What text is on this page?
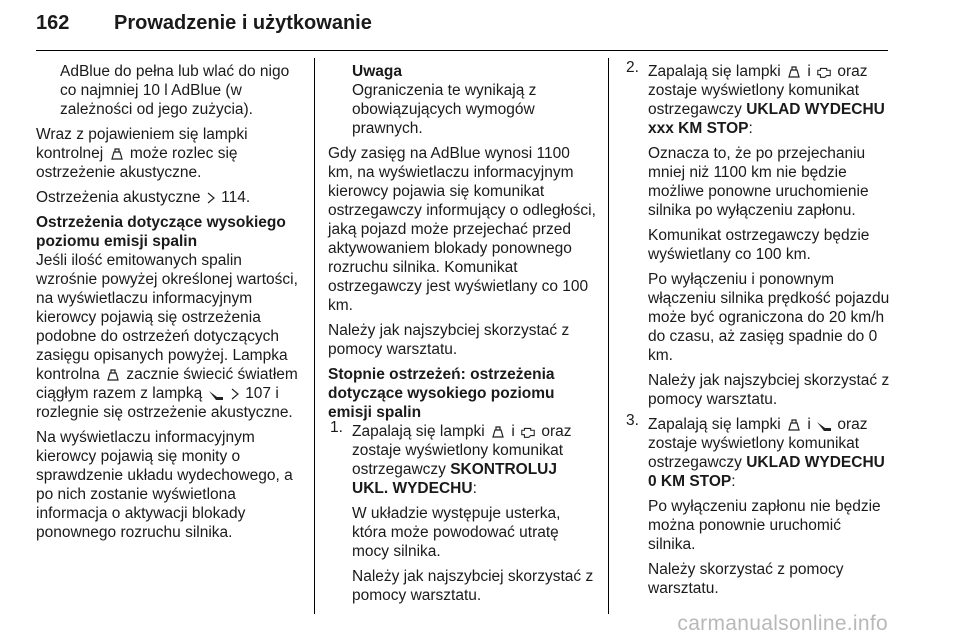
162 Prowadzenie i użytkowanie

AdBlue do pełna lub wlać do nigo co najmniej 10 l AdBlue (w zależności od jego zużycia).

Wraz z pojawieniem się lampki kontrolnej może rozlec się ostrzeżenie akustyczne.

Ostrzeżenia akustyczne 114.

Ostrzeżenia dotyczące wysokiego poziomu emisji spalin

Jeśli ilość emitowanych spalin wzrośnie powyżej określonej wartości, na wyświetlaczu informacyjnym kierowcy pojawią się ostrzeżenia podobne do ostrzeżeń dotyczących zasięgu opisanych powyżej. Lampka kontrolna zacznie świecić światłem ciągłym razem z lampką	107 i rozlegnie się ostrzeżenie akustyczne.

Na wyświetlaczu informacyjnym kierowcy pojawią się monity o sprawdzenie układu wydechowego, a po nich zostanie wyświetlona informacja o aktywacji blokady ponownego rozruchu silnika.

Uwaga

Ograniczenia te wynikają z obowiązujących wymogów prawnych.

Gdy zasięg na AdBlue wynosi 1100 km, na wyświetlaczu informacyjnym kierowcy pojawia się komunikat ostrzegawczy informujący o odległości, jaką pojazd może przejechać przed aktywowaniem blokady ponownego rozruchu silnika. Komunikat ostrzegawczy jest wyświetlany co 100 km.

Należy jak najszybciej skorzystać z pomocy warsztatu.

Stopnie ostrzeżeń: ostrzeżenia dotyczące wysokiego poziomu emisji spalin

1. Zapalają się lampki i oraz zostaje wyświetlony komunikat ostrzegawczy SKONTROLUJ UKL. WYDECHU:

W układzie występuje usterka, która może powodować utratę mocy silnika.

Należy jak najszybciej skorzystać z pomocy warsztatu.

2. Zapalają się lampki i oraz zostaje wyświetlony komunikat ostrzegawczy UKLAD WYDECHU xxx KM STOP:

Oznacza to, że po przejechaniu mniej niż 1100 km nie będzie możliwe ponowne uruchomienie silnika po wyłączeniu zapłonu.

Komunikat ostrzegawczy będzie wyświetlany co 100 km.

Po wyłączeniu i ponownym włączeniu silnika prędkość pojazdu może być ograniczona do 20 km/h do czasu, aż zasięg spadnie do 0 km.

Należy jak najszybciej skorzystać z pomocy warsztatu.

3. Zapalają się lampki i oraz zostaje wyświetlony komunikat ostrzegawczy UKLAD WYDECHU 0 KM STOP:

Po wyłączeniu zapłonu nie będzie można ponownie uruchomić silnika.

Należy skorzystać z pomocy warsztatu.

carmanualsonline.info
